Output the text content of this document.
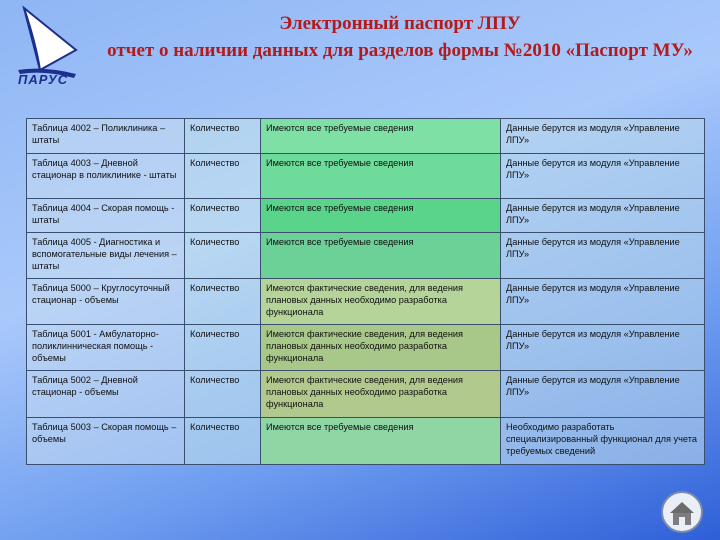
ПАРУС
Электронный паспорт ЛПУ
отчет о наличии данных для разделов формы №2010 «Паспорт МУ»
Таблица 4002 – Поликлиника – штаты	Количество	Имеются все требуемые сведения	Данные берутся из модуля «Управление ЛПУ»
Таблица 4003 – Дневной стационар в поликлинике - штаты	Количество	Имеются все требуемые сведения	Данные берутся из модуля «Управление ЛПУ»
Таблица 4004 – Скорая помощь - штаты	Количество	Имеются все требуемые сведения	Данные берутся из модуля «Управление ЛПУ»
Таблица 4005 - Диагностика и вспомогательные виды лечения – штаты	Количество	Имеются все требуемые сведения	Данные берутся из модуля «Управление ЛПУ»
Таблица 5000 – Круглосуточный стационар - объемы	Количество	Имеются фактические сведения, для ведения плановых данных необходимо разработка функционала	Данные берутся из модуля «Управление ЛПУ»
Таблица 5001 - Амбулаторно-поликлинническая помощь - объемы	Количество	Имеются фактические сведения, для ведения плановых данных необходимо разработка функционала	Данные берутся из модуля «Управление ЛПУ»
Таблица 5002 – Дневной стационар - объемы	Количество	Имеются фактические сведения, для ведения плановых данных необходимо разработка функционала	Данные берутся из модуля «Управление ЛПУ»
Таблица 5003 – Скорая помощь – объемы	Количество	Имеются все требуемые сведения	Необходимо разработать специализированный функционал для учета требуемых сведений
